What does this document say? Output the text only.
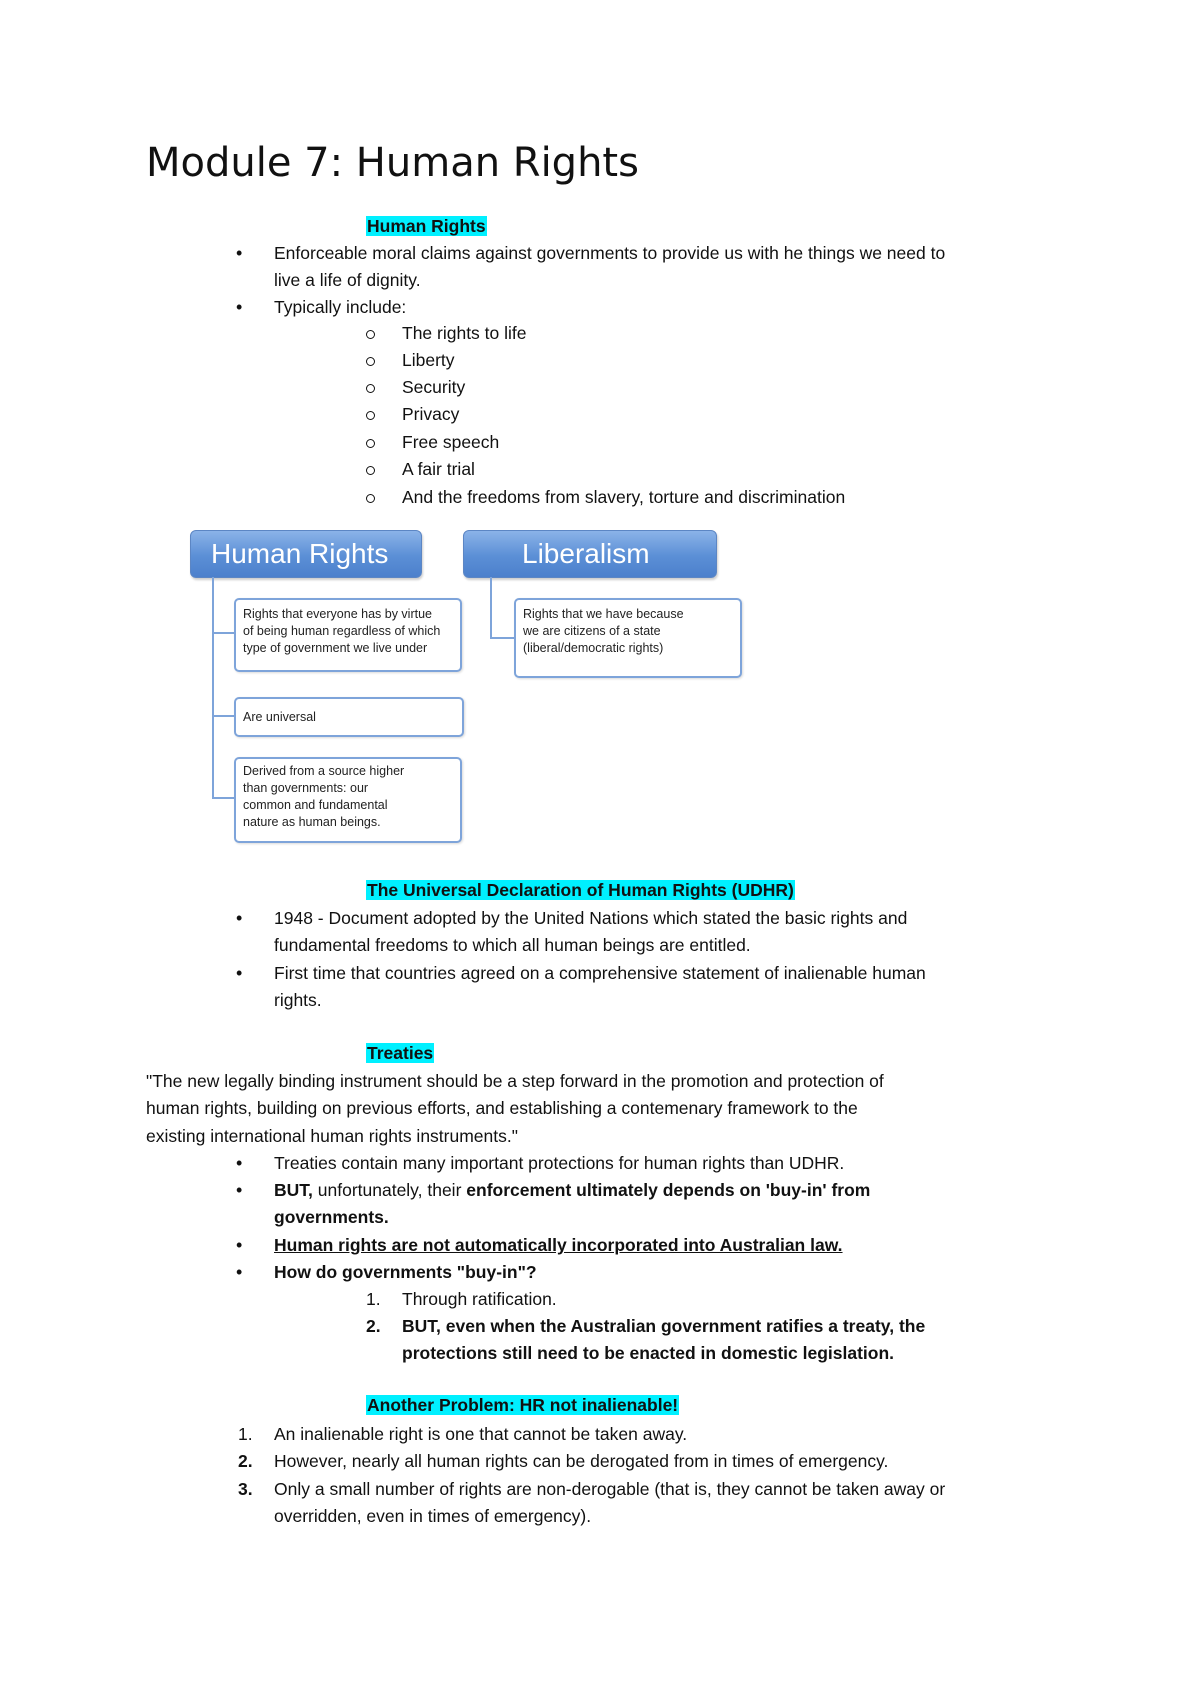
Module 7: Human Rights
Human Rights
• Enforceable moral claims against governments to provide us with he things we need to
live a life of dignity.
• Typically include:
The rights to life
Liberty
Security
Privacy
Free speech
A fair trial
And the freedoms from slavery, torture and discrimination
Human Rights	Liberalism
Rights that everyone has by virtue
of being human regardless of which
type of government we live under
Are universal
Derived from a source higher
than governments: our
common and fundamental
nature as human beings.
Rights that we have because
we are citizens of a state
(liberal/democratic rights)
The Universal Declaration of Human Rights (UDHR)
• 1948 - Document adopted by the United Nations which stated the basic rights and
fundamental freedoms to which all human beings are entitled.
• First time that countries agreed on a comprehensive statement of inalienable human
rights.
Treaties
"The new legally binding instrument should be a step forward in the promotion and protection of
human rights, building on previous efforts, and establishing a contemenary framework to the
existing international human rights instruments."
• Treaties contain many important protections for human rights than UDHR.
• BUT, unfortunately, their enforcement ultimately depends on 'buy-in' from
governments.
• Human rights are not automatically incorporated into Australian law.
• How do governments "buy-in"?
1. Through ratification.
2. BUT, even when the Australian government ratifies a treaty, the
protections still need to be enacted in domestic legislation.
Another Problem: HR not inalienable!
1. An inalienable right is one that cannot be taken away.
2. However, nearly all human rights can be derogated from in times of emergency.
3. Only a small number of rights are non-derogable (that is, they cannot be taken away or
overridden, even in times of emergency).
